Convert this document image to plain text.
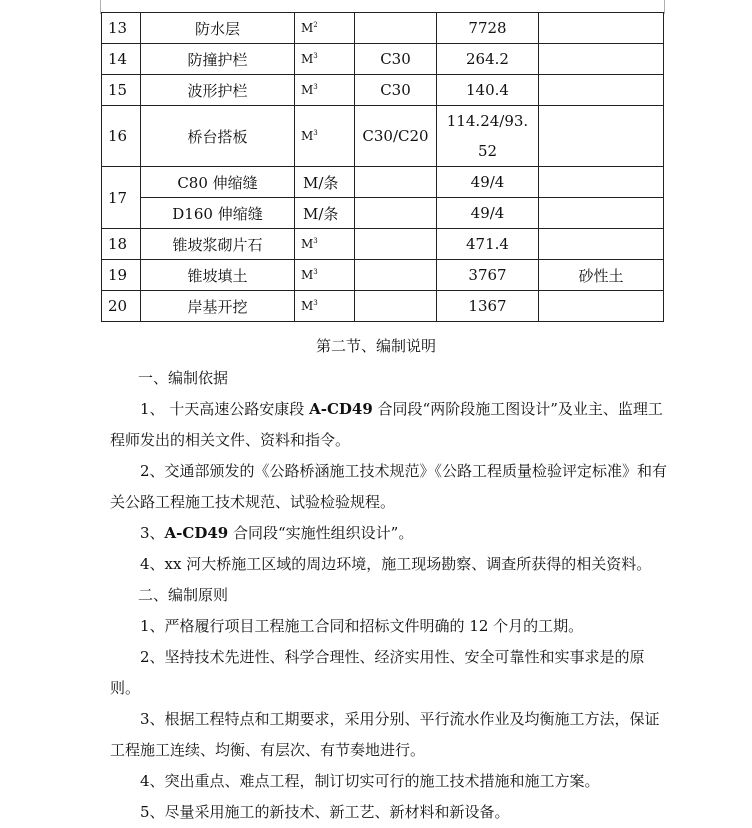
13	防水层	$M^2$		7728	
14	防撞护栏	$M^3$	C30	264.2	
15	波形护栏	$M^3$	C30	140.4	
16	桥台搭板	$M^3$	C30/C20	114.24/93.
52	

17	C80 伸缩缝	M/条		49/4	
	D160 伸缩缝	M/条		49/4	
18	锥坡浆砌片石	$M^3$		471.4	
19	锥坡填土	$M^3$		3767	砂性土
20	岸基开挖	$M^3$		1367	
第二节、编制说明

一、编制依据

1、 十天高速公路安康段 A-CD49 合同段“两阶段施工图设计”及业主、监理工程师发出的相关文件、资料和指令。

2、交通部颁发的《公路桥涵施工技术规范》《公路工程质量检验评定标准》和有关公路工程施工技术规范、试验检验规程。

3、A-CD49 合同段“实施性组织设计”。

4、xx 河大桥施工区域的周边环境，施工现场勘察、调查所获得的相关资料。

二、编制原则

1、严格履行项目工程施工合同和招标文件明确的 12 个月的工期。

2、坚持技术先进性、科学合理性、经济实用性、安全可靠性和实事求是的原则。

3、根据工程特点和工期要求，采用分别、平行流水作业及均衡施工方法，保证工程施工连续、均衡、有层次、有节奏地进行。

4、突出重点、难点工程，制订切实可行的施工技术措施和施工方案。

5、尽量采用施工的新技术、新工艺、新材料和新设备。
